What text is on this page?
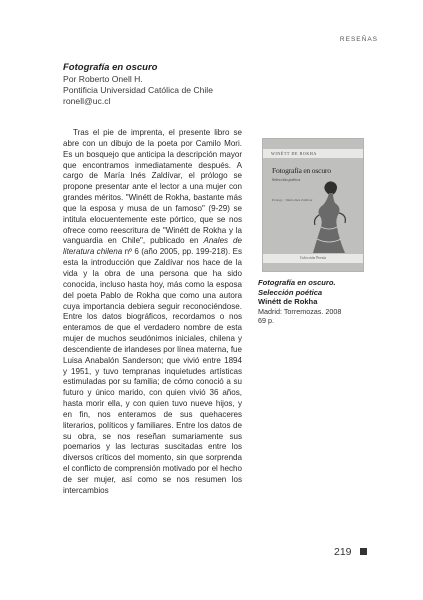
RESEÑAS
Fotografía en oscuro
Por Roberto Onell H.
Pontificia Universidad Católica de Chile
ronell@uc.cl

Tras el pie de imprenta, el presente libro se abre con un dibujo de la poeta por Camilo Mori. Es un bosquejo que anticipa la descripción mayor que encontramos inmediatamente después. A cargo de María Inés Zaldívar, el prólogo se propone presentar ante el lector a una mujer con grandes méritos. "Winétt de Rokha, bastante más que la esposa y musa de un famoso" (9-29) se intitula elocuentemente este pórtico, que se nos ofrece como reescritura de "Winétt de Rokha y la vanguardia en Chile", publicado en Anales de literatura chilena nº 6 (año 2005, pp. 199-218). Es esta la introducción que Zaldívar nos hace de la vida y la obra de una persona que ha sido conocida, incluso hasta hoy, más como la esposa del poeta Pablo de Rokha que como una autora cuya importancia debiera seguir reconociéndose. Entre los datos biográficos, recordamos o nos enteramos de que el verdadero nombre de esta mujer de muchos seudónimos iniciales, chilena y descendiente de irlandeses por línea materna, fue Luisa Anabalón Sanderson; que vivió entre 1894 y 1951, y tuvo tempranas inquietudes artísticas estimuladas por su familia; de cómo conoció a su futuro y único marido, con quien vivió 36 años, hasta morir ella, y con quien tuvo nueve hijos, y en fin, nos enteramos de sus quehaceres literarios, políticos y familiares. Entre los datos de su obra, se nos reseñan sumariamente sus poemarios y las lecturas suscitadas entre los diversos críticos del momento, sin que sorprenda el conflicto de comprensión motivado por el hecho de ser mujer, así como se nos resumen los intercambios

WINÉTT DE ROKHA
Fotografía en oscuro
Selección poética
Prólogo · María Inés Zaldívar
Colección Poesía
Fotografía en oscuro. Selección poética
Winétt de Rokha
Madrid: Torremozas. 2008
69 p.
219
